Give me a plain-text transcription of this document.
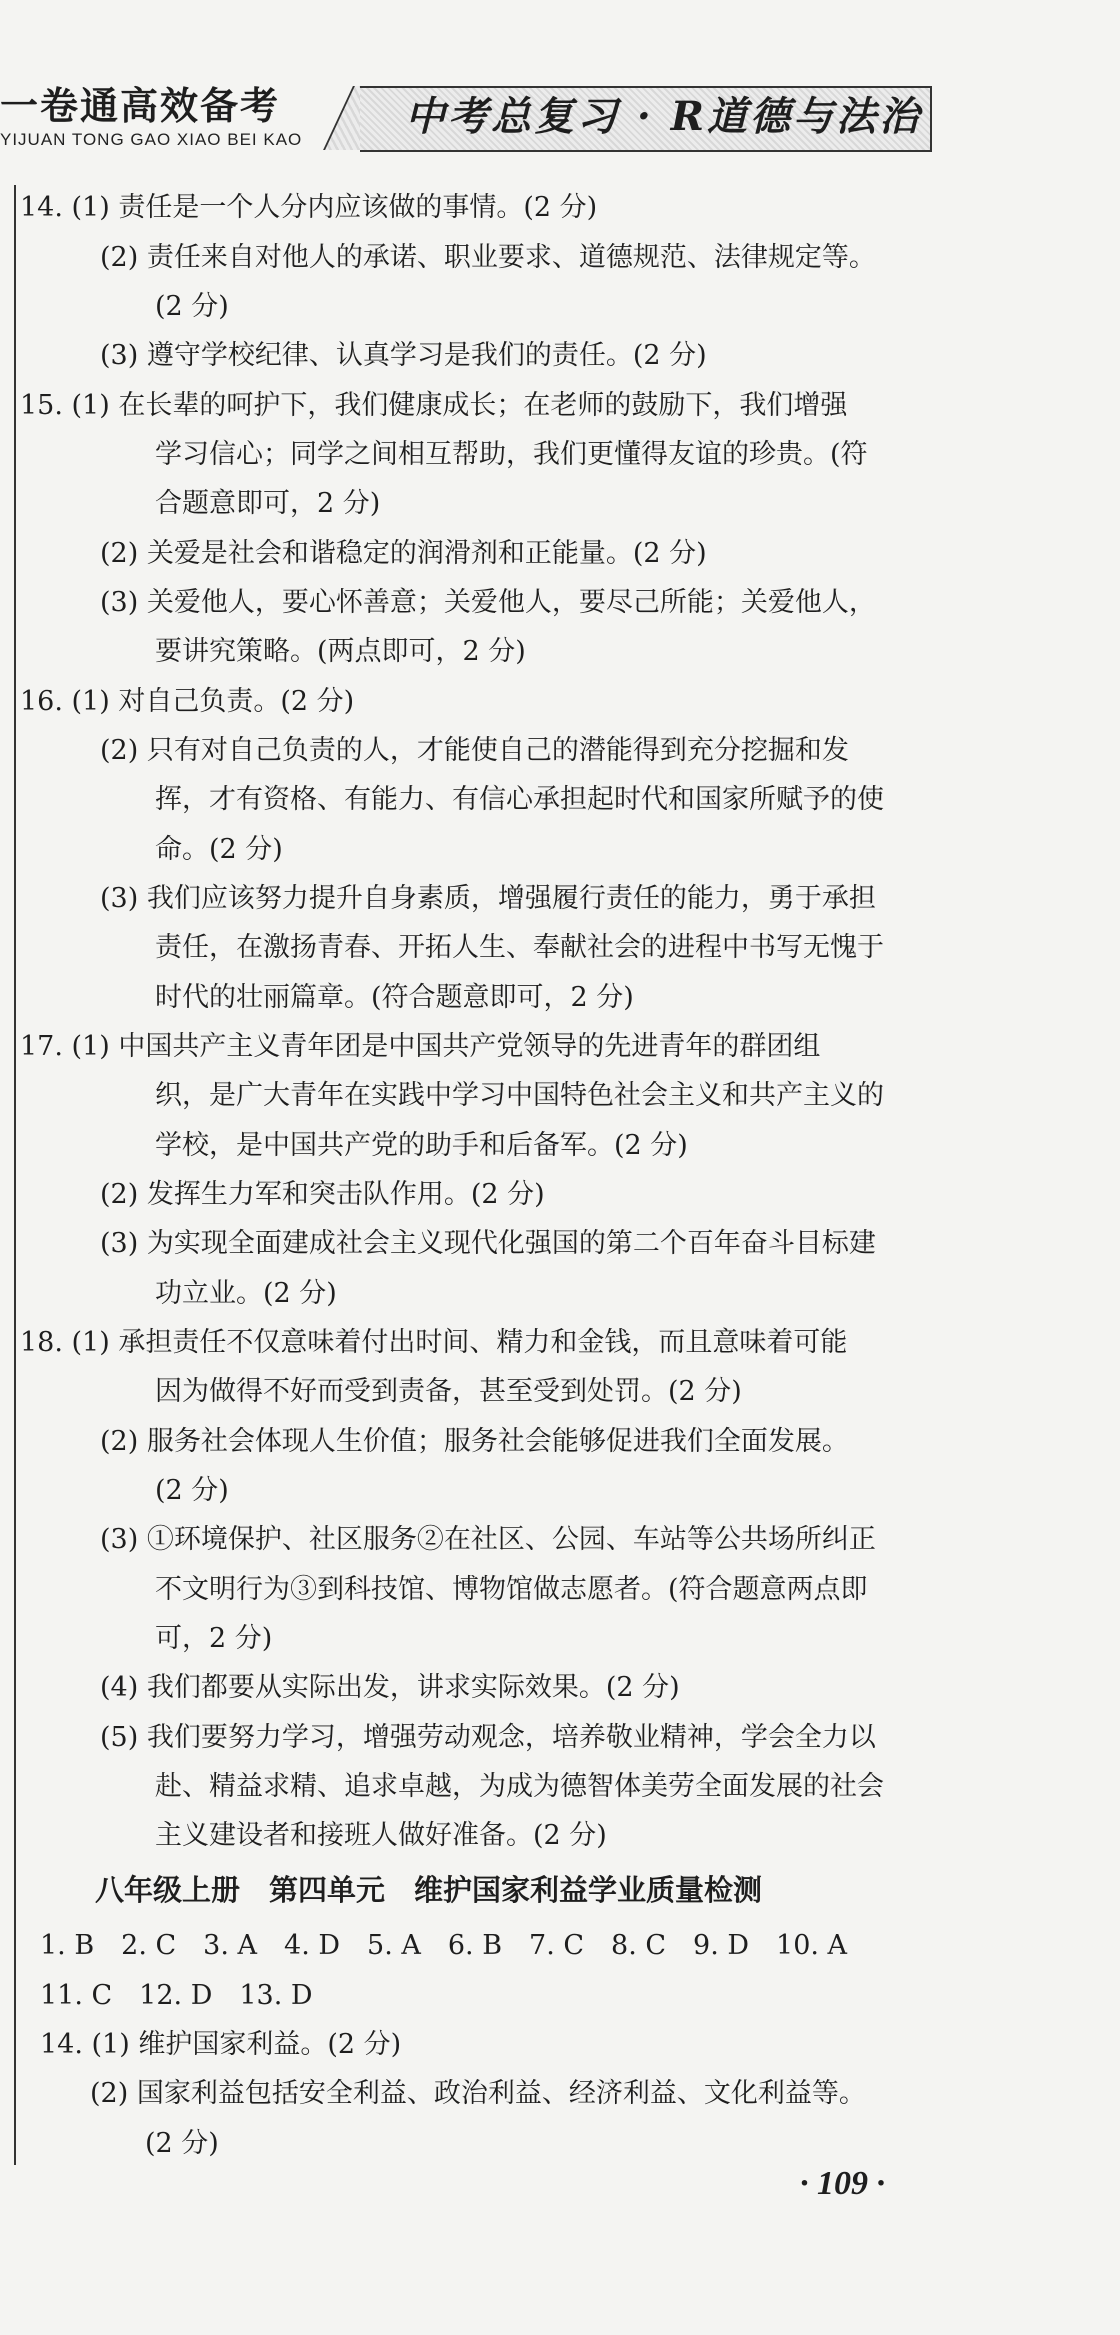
一卷通高效备考
YIJUAN TONG GAO XIAO BEI KAO	中考总复习 · R道德与法治
14. (1) 责任是一个人分内应该做的事情。(2 分)
(2) 责任来自对他人的承诺、职业要求、道德规范、法律规定等。
(2 分)
(3) 遵守学校纪律、认真学习是我们的责任。(2 分)
15. (1) 在长辈的呵护下，我们健康成长；在老师的鼓励下，我们增强
学习信心；同学之间相互帮助，我们更懂得友谊的珍贵。(符
合题意即可，2 分)
(2) 关爱是社会和谐稳定的润滑剂和正能量。(2 分)
(3) 关爱他人，要心怀善意；关爱他人，要尽己所能；关爱他人，
要讲究策略。(两点即可，2 分)
16. (1) 对自己负责。(2 分)
(2) 只有对自己负责的人，才能使自己的潜能得到充分挖掘和发
挥，才有资格、有能力、有信心承担起时代和国家所赋予的使
命。(2 分)
(3) 我们应该努力提升自身素质，增强履行责任的能力，勇于承担
责任，在激扬青春、开拓人生、奉献社会的进程中书写无愧于
时代的壮丽篇章。(符合题意即可，2 分)
17. (1) 中国共产主义青年团是中国共产党领导的先进青年的群团组
织，是广大青年在实践中学习中国特色社会主义和共产主义的
学校，是中国共产党的助手和后备军。(2 分)
(2) 发挥生力军和突击队作用。(2 分)
(3) 为实现全面建成社会主义现代化强国的第二个百年奋斗目标建
功立业。(2 分)
18. (1) 承担责任不仅意味着付出时间、精力和金钱，而且意味着可能
因为做得不好而受到责备，甚至受到处罚。(2 分)
(2) 服务社会体现人生价值；服务社会能够促进我们全面发展。
(2 分)
(3) ①环境保护、社区服务②在社区、公园、车站等公共场所纠正
不文明行为③到科技馆、博物馆做志愿者。(符合题意两点即
可，2 分)
(4) 我们都要从实际出发，讲求实际效果。(2 分)
(5) 我们要努力学习，增强劳动观念，培养敬业精神，学会全力以
赴、精益求精、追求卓越，为成为德智体美劳全面发展的社会
主义建设者和接班人做好准备。(2 分)
八年级上册　第四单元　维护国家利益学业质量检测
1. B　2. C　3. A　4. D　5. A　6. B　7. C　8. C　9. D　10. A
11. C　12. D　13. D
14. (1) 维护国家利益。(2 分)
(2) 国家利益包括安全利益、政治利益、经济利益、文化利益等。
(2 分)
· 109 ·
